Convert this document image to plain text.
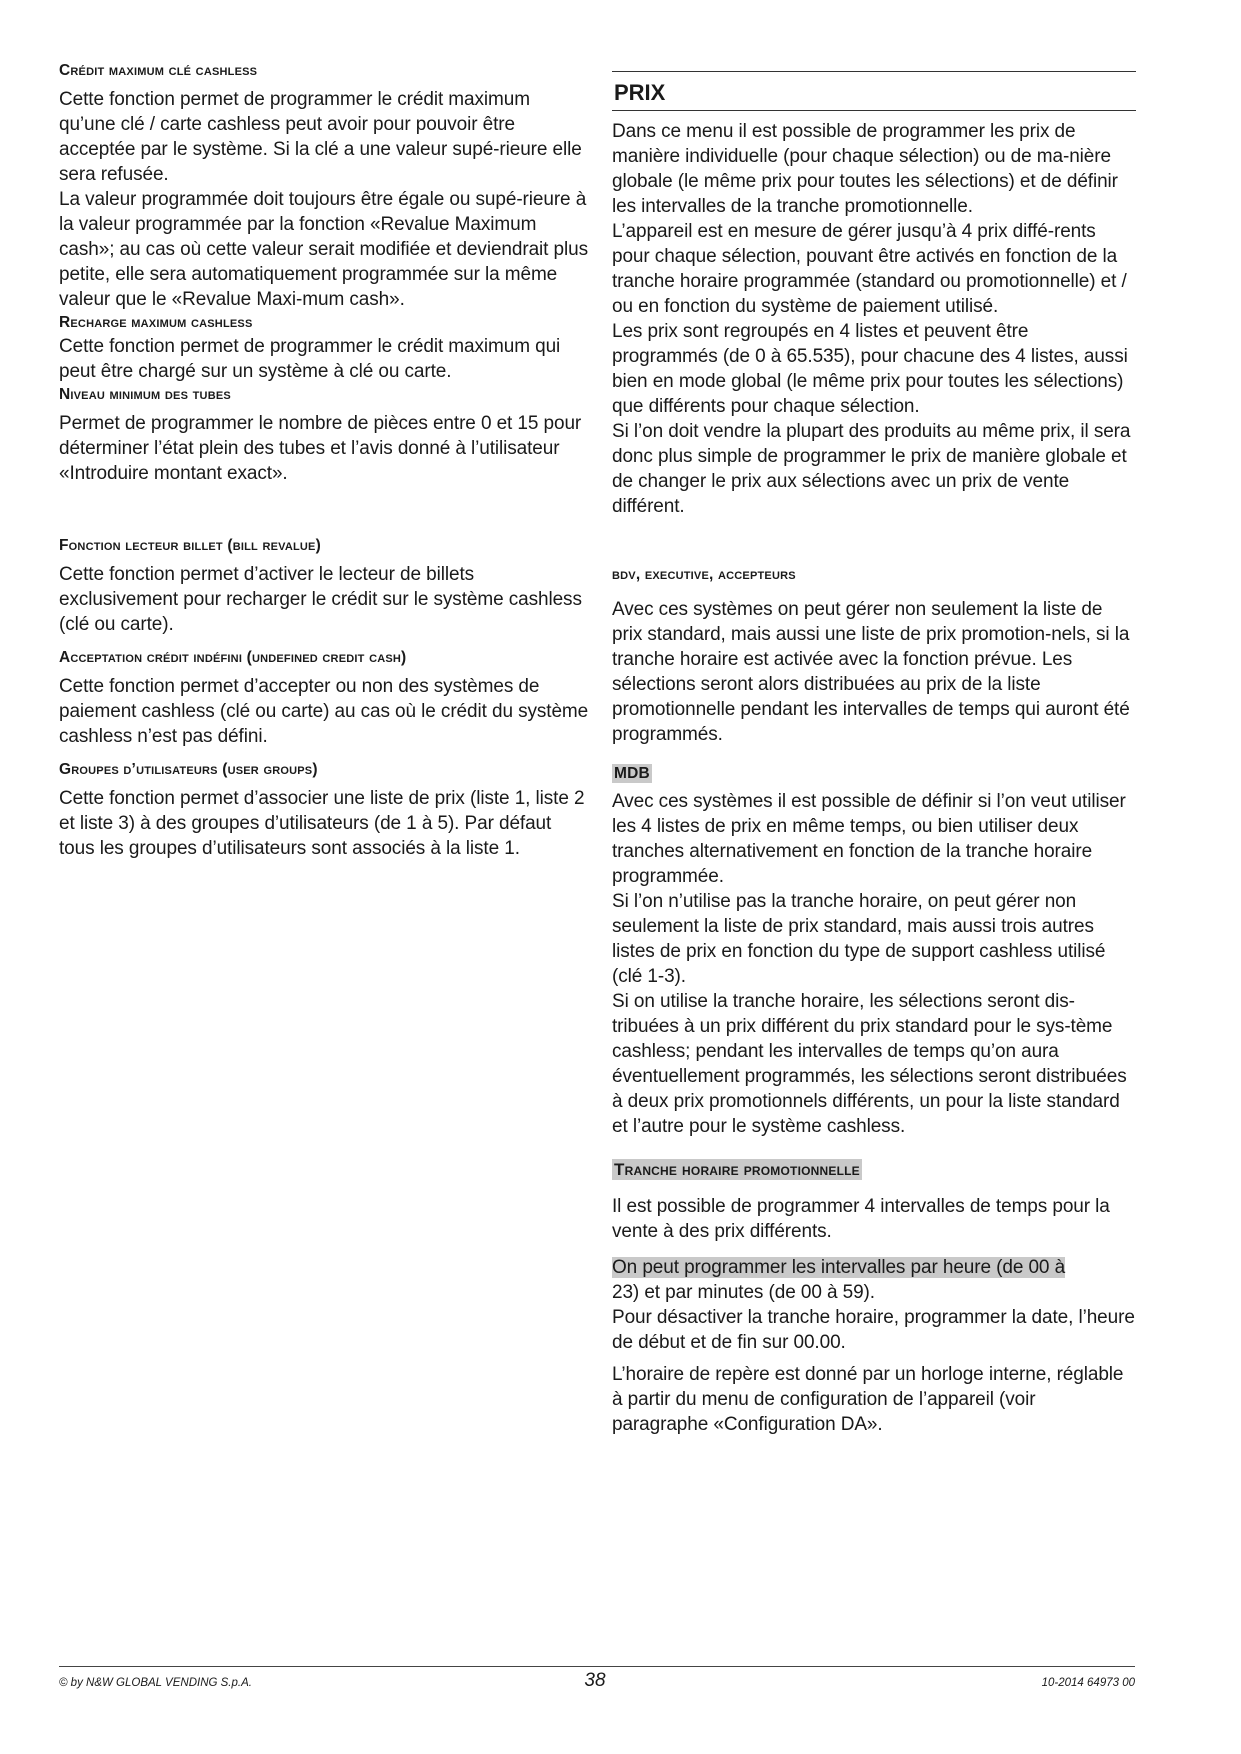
Crédit maximum clé cashless

Cette fonction permet de programmer le crédit maximum qu’une clé / carte cashless peut avoir pour pouvoir être acceptée par le système. Si la clé a une valeur supé-rieure elle sera refusée.

La valeur programmée doit toujours être égale ou supé-rieure à la valeur programmée par la fonction «Revalue Maximum cash»; au cas où cette valeur serait modifiée et deviendrait plus petite, elle sera automatiquement programmée sur la même valeur que le «Revalue Maxi-mum cash».

Recharge maximum cashless

Cette fonction permet de programmer le crédit maximum qui peut être chargé sur un système à clé ou carte.

Niveau minimum des tubes

Permet de programmer le nombre de pièces entre 0 et 15 pour déterminer l’état plein des tubes et l’avis donné à l’utilisateur «Introduire montant exact».

Fonction lecteur billet (bill revalue)

Cette fonction permet d’activer le lecteur de billets exclusivement pour recharger le crédit sur le système cashless (clé ou carte).

Acceptation crédit indéfini (undefined credit cash)

Cette fonction permet d’accepter ou non des systèmes de paiement cashless (clé ou carte) au cas où le crédit du système cashless n’est pas défini.

Groupes d’utilisateurs (user groups)

Cette fonction permet d’associer une liste de prix (liste 1, liste 2 et liste 3) à des groupes d’utilisateurs (de 1 à 5). Par défaut tous les groupes d’utilisateurs sont associés à la liste 1.

PRIX

Dans ce menu il est possible de programmer les prix de manière individuelle (pour chaque sélection) ou de ma-nière globale (le même prix pour toutes les sélections) et de définir les intervalles de la tranche promotionnelle.

L’appareil est en mesure de gérer jusqu’à 4 prix diffé-rents pour chaque sélection, pouvant être activés en fonction de la tranche horaire programmée (standard ou promotionnelle) et / ou en fonction du système de paiement utilisé.

Les prix sont regroupés en 4 listes et peuvent être programmés (de 0 à 65.535), pour chacune des 4 listes, aussi bien en mode global (le même prix pour toutes les sélections) que différents pour chaque sélection.

Si l’on doit vendre la plupart des produits au même prix, il sera donc plus simple de programmer le prix de manière globale et de changer le prix aux sélections avec un prix de vente différent.

bdv, executive, accepteurs

Avec ces systèmes on peut gérer non seulement la liste de prix standard, mais aussi une liste de prix promotion-nels, si la tranche horaire est activée avec la fonction prévue. Les sélections seront alors distribuées au prix de la liste promotionnelle pendant les intervalles de temps qui auront été programmés.

MDB

Avec ces systèmes il est possible de définir si l’on veut utiliser les 4 listes de prix en même temps, ou bien utiliser deux tranches alternativement en fonction de la tranche horaire programmée.

Si l’on n’utilise pas la tranche horaire, on peut gérer non seulement la liste de prix standard, mais aussi trois autres listes de prix en fonction du type de support cashless utilisé (clé 1-3).

Si on utilise la tranche horaire, les sélections seront dis-tribuées à un prix différent du prix standard pour le sys-tème cashless; pendant les intervalles de temps qu’on aura éventuellement programmés, les sélections seront distribuées à deux prix promotionnels différents, un pour la liste standard et l’autre pour le système cashless.

Tranche horaire promotionnelle

Il est possible de programmer 4 intervalles de temps pour la vente à des prix différents.

On peut programmer les intervalles par heure (de 00 à
23) et par minutes (de 00 à 59).

Pour désactiver la tranche horaire, programmer la date, l’heure de début et de fin sur 00.00.

L’horaire de repère est donné par un horloge interne, réglable à partir du menu de configuration de l’appareil (voir paragraphe «Configuration DA».

© by N&W GLOBAL VENDING S.p.A.	38	10-2014 64973 00
